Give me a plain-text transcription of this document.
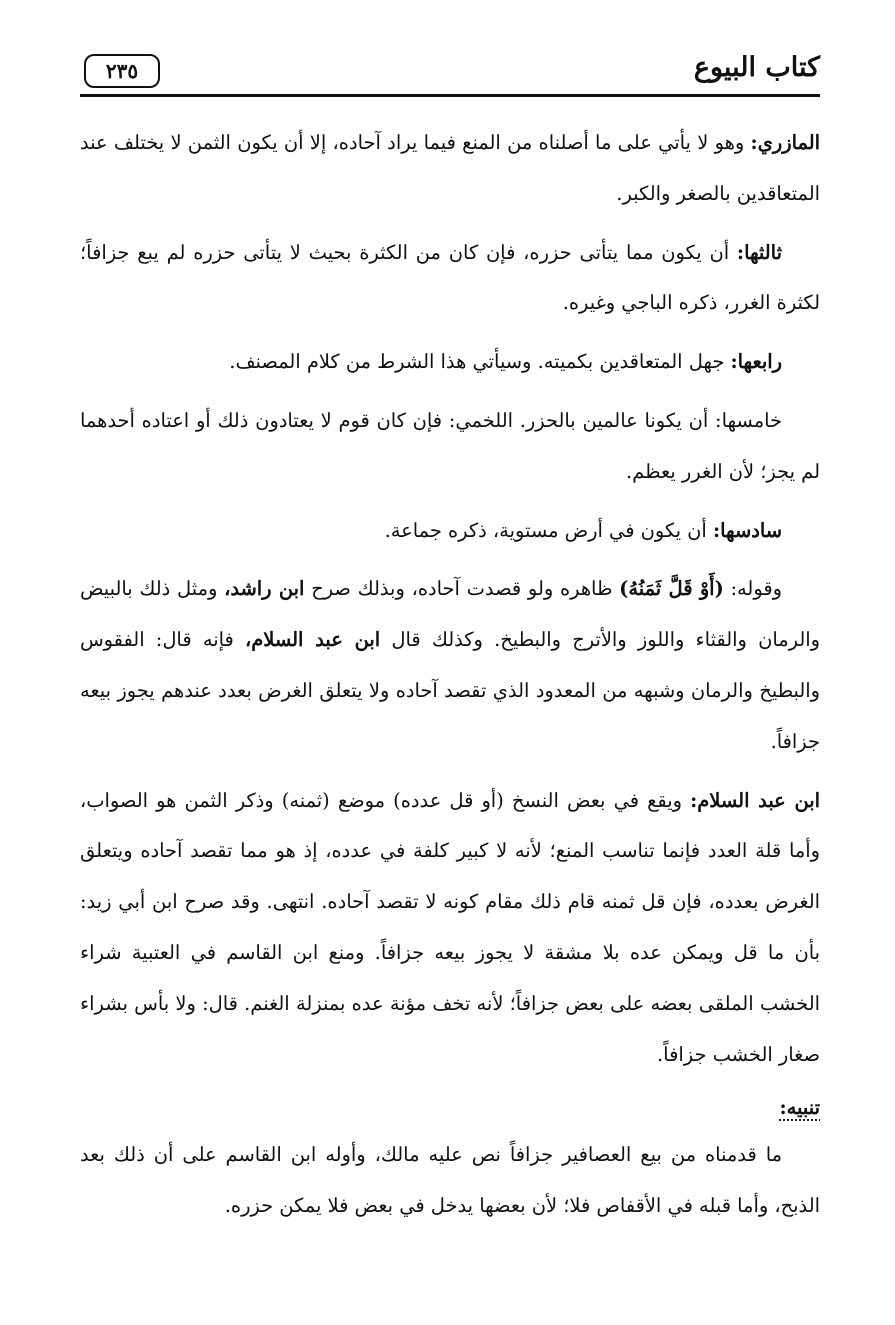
كتاب البيوع
٢٣٥

المازري: وهو لا يأتي على ما أصلناه من المنع فيما يراد آحاده، إلا أن يكون الثمن لا يختلف عند المتعاقدين بالصغر والكبر.

ثالثها: أن يكون مما يتأتى حزره، فإن كان من الكثرة بحيث لا يتأتى حزره لم يبع جزافاً؛ لكثرة الغرر، ذكره الباجي وغيره.

رابعها: جهل المتعاقدين بكميته. وسيأتي هذا الشرط من كلام المصنف.

خامسها: أن يكونا عالمين بالحزر. اللخمي: فإن كان قوم لا يعتادون ذلك أو اعتاده أحدهما لم يجز؛ لأن الغرر يعظم.

سادسها: أن يكون في أرض مستوية، ذكره جماعة.

وقوله: (أَوْ قَلَّ ثَمَنُهُ) ظاهره ولو قصدت آحاده، وبذلك صرح ابن راشد، ومثل ذلك بالبيض والرمان والقثاء واللوز والأترج والبطيخ. وكذلك قال ابن عبد السلام، فإنه قال: الفقوس والبطيخ والرمان وشبهه من المعدود الذي تقصد آحاده ولا يتعلق الغرض بعدد عندهم يجوز بيعه جزافاً.

ابن عبد السلام: ويقع في بعض النسخ (أو قل عدده) موضع (ثمنه) وذكر الثمن هو الصواب، وأما قلة العدد فإنما تناسب المنع؛ لأنه لا كبير كلفة في عدده، إذ هو مما تقصد آحاده ويتعلق الغرض بعدده، فإن قل ثمنه قام ذلك مقام كونه لا تقصد آحاده. انتهى. وقد صرح ابن أبي زيد: بأن ما قل ويمكن عده بلا مشقة لا يجوز بيعه جزافاً. ومنع ابن القاسم في العتبية شراء الخشب الملقى بعضه على بعض جزافاً؛ لأنه تخف مؤنة عده بمنزلة الغنم. قال: ولا بأس بشراء صغار الخشب جزافاً.

تنبيه:

ما قدمناه من بيع العصافير جزافاً نص عليه مالك، وأوله ابن القاسم على أن ذلك بعد الذبح، وأما قبله في الأقفاص فلا؛ لأن بعضها يدخل في بعض فلا يمكن حزره.
